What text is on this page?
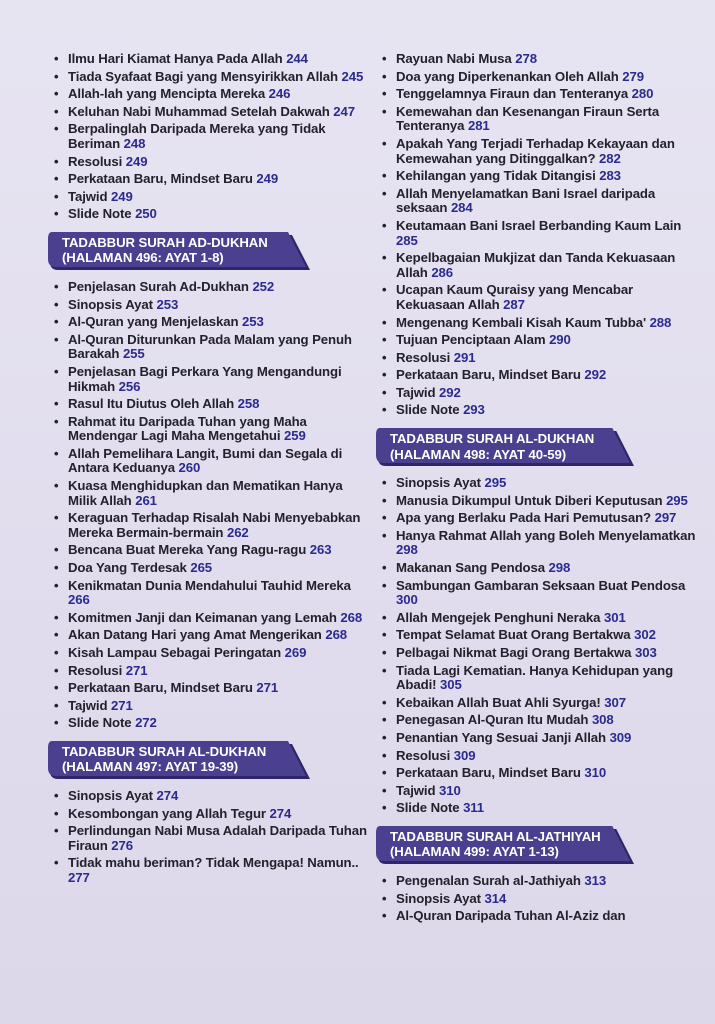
• Ilmu Hari Kiamat Hanya Pada Allah 244
• Tiada Syafaat Bagi yang Mensyirikkan Allah 245
• Allah-lah yang Mencipta Mereka 246
• Keluhan Nabi Muhammad Setelah Dakwah 247
• Berpalinglah Daripada Mereka yang Tidak Beriman 248
• Resolusi 249
• Perkataan Baru, Mindset Baru 249
• Tajwid 249
• Slide Note 250
TADABBUR SURAH AD-DUKHAN
(HALAMAN 496: AYAT 1-8)
• Penjelasan Surah Ad-Dukhan 252
• Sinopsis Ayat 253
• Al-Quran yang Menjelaskan 253
• Al-Quran Diturunkan Pada Malam yang Penuh Barakah 255
• Penjelasan Bagi Perkara Yang Mengandungi Hikmah 256
• Rasul Itu Diutus Oleh Allah 258
• Rahmat itu Daripada Tuhan yang Maha Mendengar Lagi Maha Mengetahui 259
• Allah Pemelihara Langit, Bumi dan Segala di Antara Keduanya 260
• Kuasa Menghidupkan dan Mematikan Hanya Milik Allah 261
• Keraguan Terhadap Risalah Nabi Menyebabkan Mereka Bermain-bermain 262
• Bencana Buat Mereka Yang Ragu-ragu 263
• Doa Yang Terdesak 265
• Kenikmatan Dunia Mendahului Tauhid Mereka 266
• Komitmen Janji dan Keimanan yang Lemah 268
• Akan Datang Hari yang Amat Mengerikan 268
• Kisah Lampau Sebagai Peringatan 269
• Resolusi 271
• Perkataan Baru, Mindset Baru 271
• Tajwid 271
• Slide Note 272
TADABBUR SURAH AL-DUKHAN
(HALAMAN 497: AYAT 19-39)
• Sinopsis Ayat 274
• Kesombongan yang Allah Tegur 274
• Perlindungan Nabi Musa Adalah Daripada Tuhan Firaun 276
• Tidak mahu beriman? Tidak Mengapa! Namun.. 277
• Rayuan Nabi Musa 278
• Doa yang Diperkenankan Oleh Allah 279
• Tenggelamnya Firaun dan Tenteranya 280
• Kemewahan dan Kesenangan Firaun Serta Tenteranya 281
• Apakah Yang Terjadi Terhadap Kekayaan dan Kemewahan yang Ditinggalkan? 282
• Kehilangan yang Tidak Ditangisi 283
• Allah Menyelamatkan Bani Israel daripada seksaan 284
• Keutamaan Bani Israel Berbanding Kaum Lain 285
• Kepelbagaian Mukjizat dan Tanda Kekuasaan Allah 286
• Ucapan Kaum Quraisy yang Mencabar Kekuasaan Allah 287
• Mengenang Kembali Kisah Kaum Tubba' 288
• Tujuan Penciptaan Alam 290
• Resolusi 291
• Perkataan Baru, Mindset Baru 292
• Tajwid 292
• Slide Note 293
TADABBUR SURAH AL-DUKHAN
(HALAMAN 498: AYAT 40-59)
• Sinopsis Ayat 295
• Manusia Dikumpul Untuk Diberi Keputusan 295
• Apa yang Berlaku Pada Hari Pemutusan? 297
• Hanya Rahmat Allah yang Boleh Menyelamatkan 298
• Makanan Sang Pendosa 298
• Sambungan Gambaran Seksaan Buat Pendosa 300
• Allah Mengejek Penghuni Neraka 301
• Tempat Selamat Buat Orang Bertakwa 302
• Pelbagai Nikmat Bagi Orang Bertakwa 303
• Tiada Lagi Kematian. Hanya Kehidupan yang Abadi! 305
• Kebaikan Allah Buat Ahli Syurga! 307
• Penegasan Al-Quran Itu Mudah 308
• Penantian Yang Sesuai Janji Allah 309
• Resolusi 309
• Perkataan Baru, Mindset Baru 310
• Tajwid 310
• Slide Note 311
TADABBUR SURAH AL-JATHIYAH
(HALAMAN 499: AYAT 1-13)
• Pengenalan Surah al-Jathiyah 313
• Sinopsis Ayat 314
• Al-Quran Daripada Tuhan Al-Aziz dan
